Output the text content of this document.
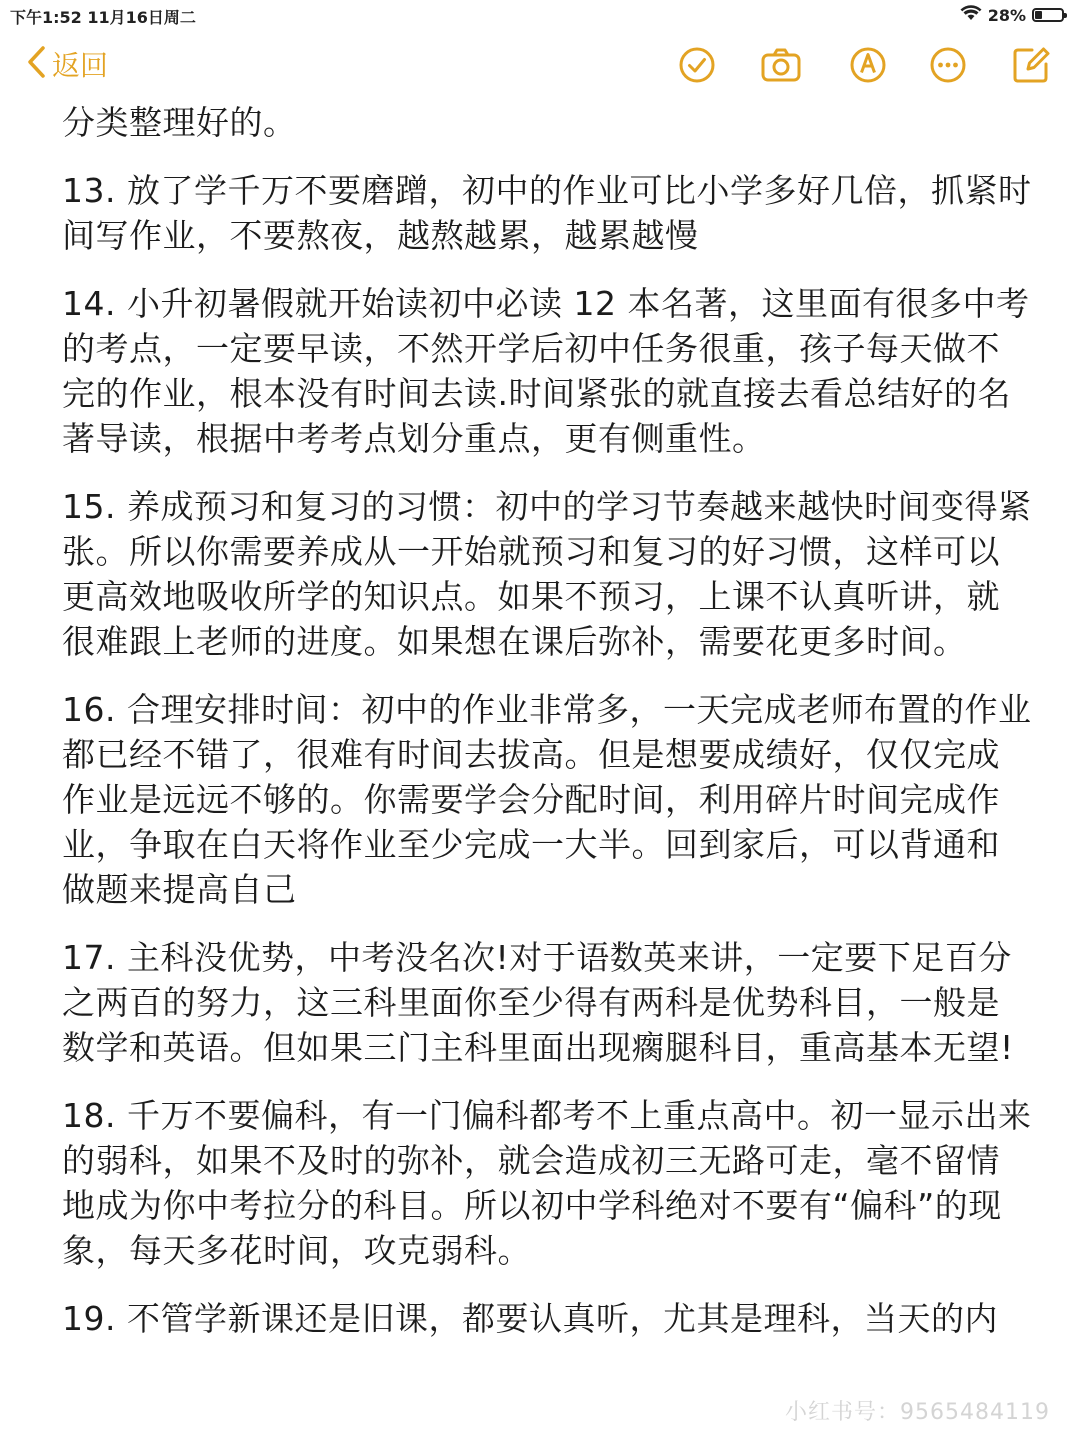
下午1:52 11月16日周二	28%
返回

分类整理好的。

13. 放了学千万不要磨蹭，初中的作业可比小学多好几倍，抓紧时间写作业，不要熬夜，越熬越累，越累越慢

14. 小升初暑假就开始读初中必读 12 本名著，这里面有很多中考的考点，一定要早读，不然开学后初中任务很重，孩子每天做不完的作业，根本没有时间去读.时间紧张的就直接去看总结好的名著导读，根据中考考点划分重点，更有侧重性。

15. 养成预习和复习的习惯：初中的学习节奏越来越快时间变得紧张。所以你需要养成从一开始就预习和复习的好习惯，这样可以更高效地吸收所学的知识点。如果不预习，上课不认真听讲，就很难跟上老师的进度。如果想在课后弥补，需要花更多时间。

16. 合理安排时间：初中的作业非常多，一天完成老师布置的作业都已经不错了，很难有时间去拔高。但是想要成绩好，仅仅完成作业是远远不够的。你需要学会分配时间，利用碎片时间完成作业，争取在白天将作业至少完成一大半。回到家后，可以背通和做题来提高自己

17. 主科没优势，中考没名次!对于语数英来讲，一定要下足百分之两百的努力，这三科里面你至少得有两科是优势科目，一般是数学和英语。但如果三门主科里面出现瘸腿科目，重高基本无望!

18. 千万不要偏科，有一门偏科都考不上重点高中。初一显示出来的弱科，如果不及时的弥补，就会造成初三无路可走，毫不留情地成为你中考拉分的科目。所以初中学科绝对不要有“偏科”的现象，每天多花时间，攻克弱科。

19. 不管学新课还是旧课，都要认真听，尤其是理科，当天的内

小红书号：9565484119
